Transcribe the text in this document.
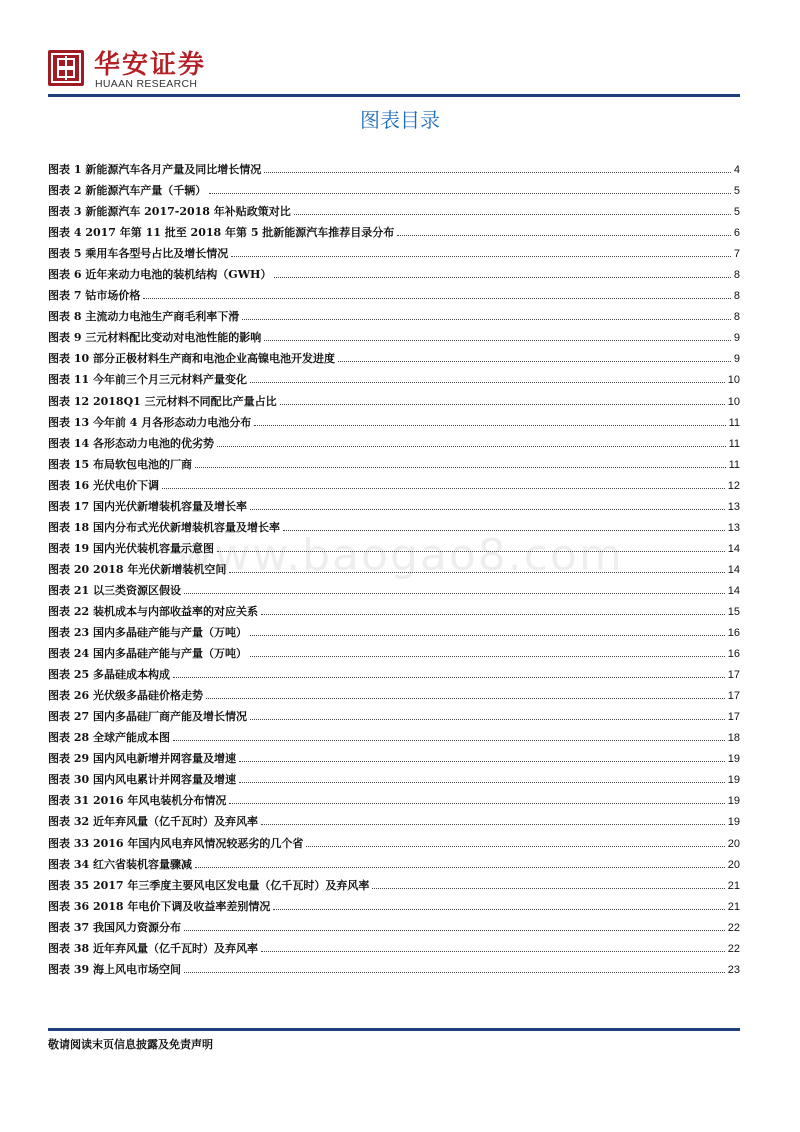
华安证券
HUAAN RESEARCH
图表目录
www.baogao8.com
图表 1 新能源汽车各月产量及同比增长情况	4
图表 2 新能源汽车产量（千辆）	5
图表 3 新能源汽车 2017-2018 年补贴政策对比	5
图表 4 2017 年第 11 批至 2018 年第 5 批新能源汽车推荐目录分布	6
图表 5 乘用车各型号占比及增长情况	7
图表 6 近年来动力电池的装机结构（GWH）	8
图表 7 钴市场价格	8
图表 8 主流动力电池生产商毛利率下滑	8
图表 9 三元材料配比变动对电池性能的影响	9
图表 10 部分正极材料生产商和电池企业高镍电池开发进度	9
图表 11 今年前三个月三元材料产量变化	10
图表 12 2018Q1 三元材料不同配比产量占比	10
图表 13 今年前 4 月各形态动力电池分布	11
图表 14 各形态动力电池的优劣势	11
图表 15 布局软包电池的厂商	11
图表 16 光伏电价下调	12
图表 17 国内光伏新增装机容量及增长率	13
图表 18 国内分布式光伏新增装机容量及增长率	13
图表 19 国内光伏装机容量示意图	14
图表 20 2018 年光伏新增装机空间	14
图表 21 以三类资源区假设	14
图表 22 装机成本与内部收益率的对应关系	15
图表 23 国内多晶硅产能与产量（万吨）	16
图表 24 国内多晶硅产能与产量（万吨）	16
图表 25 多晶硅成本构成	17
图表 26 光伏级多晶硅价格走势	17
图表 27 国内多晶硅厂商产能及增长情况	17
图表 28 全球产能成本图	18
图表 29 国内风电新增并网容量及增速	19
图表 30 国内风电累计并网容量及增速	19
图表 31 2016 年风电装机分布情况	19
图表 32 近年弃风量（亿千瓦时）及弃风率	19
图表 33 2016 年国内风电弃风情况较恶劣的几个省	20
图表 34 红六省装机容量骤减	20
图表 35 2017 年三季度主要风电区发电量（亿千瓦时）及弃风率	21
图表 36 2018 年电价下调及收益率差别情况	21
图表 37 我国风力资源分布	22
图表 38 近年弃风量（亿千瓦时）及弃风率	22
图表 39 海上风电市场空间	23
敬请阅读末页信息披露及免责声明
